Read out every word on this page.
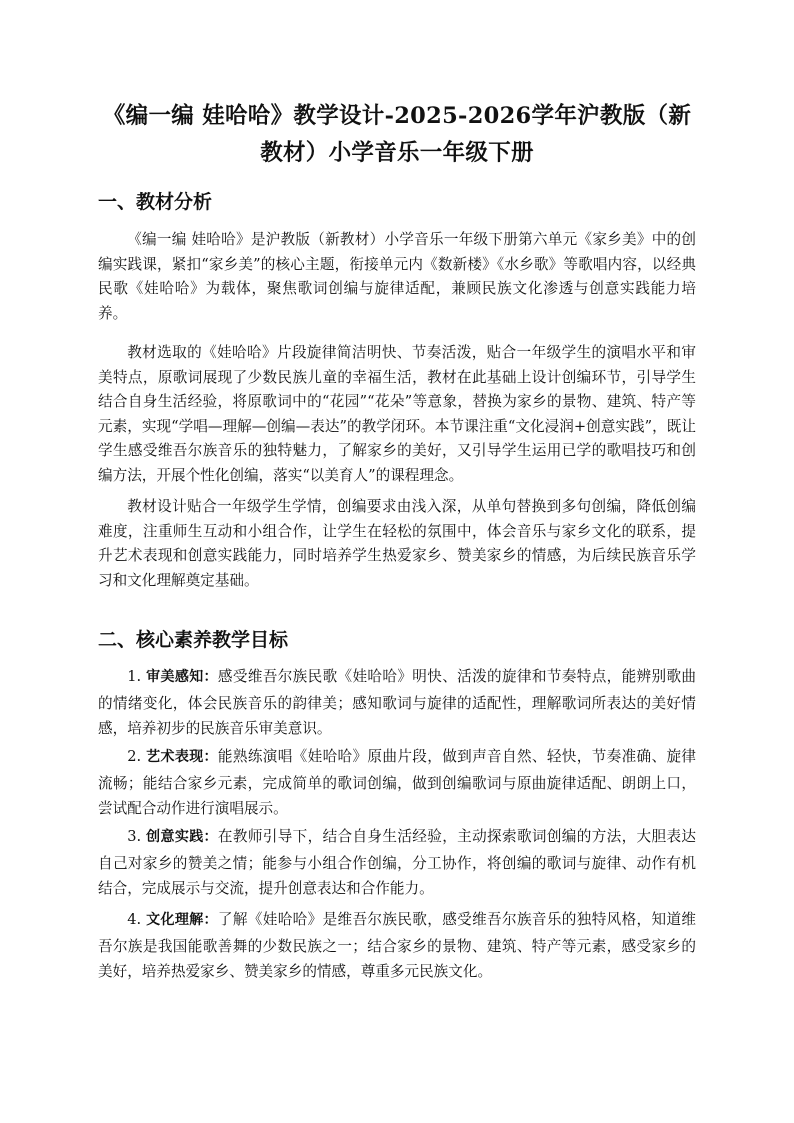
《编一编 娃哈哈》教学设计-2025-2026学年沪教版（新教材）小学音乐一年级下册
一、教材分析
《编一编 娃哈哈》是沪教版（新教材）小学音乐一年级下册第六单元《家乡美》中的创编实践课，紧扣“家乡美”的核心主题，衔接单元内《数新楼》《水乡歌》等歌唱内容，以经典民歌《娃哈哈》为载体，聚焦歌词创编与旋律适配，兼顾民族文化渗透与创意实践能力培养。
教材选取的《娃哈哈》片段旋律简洁明快、节奏活泼，贴合一年级学生的演唱水平和审美特点，原歌词展现了少数民族儿童的幸福生活，教材在此基础上设计创编环节，引导学生结合自身生活经验，将原歌词中的“花园”“花朵”等意象，替换为家乡的景物、建筑、特产等元素，实现“学唱—理解—创编—表达”的教学闭环。本节课注重“文化浸润+创意实践”，既让学生感受维吾尔族音乐的独特魅力，了解家乡的美好，又引导学生运用已学的歌唱技巧和创编方法，开展个性化创编，落实“以美育人”的课程理念。
教材设计贴合一年级学生学情，创编要求由浅入深，从单句替换到多句创编，降低创编难度，注重师生互动和小组合作，让学生在轻松的氛围中，体会音乐与家乡文化的联系，提升艺术表现和创意实践能力，同时培养学生热爱家乡、赞美家乡的情感，为后续民族音乐学习和文化理解奠定基础。
二、核心素养教学目标
1. 审美感知：感受维吾尔族民歌《娃哈哈》明快、活泼的旋律和节奏特点，能辨别歌曲的情绪变化，体会民族音乐的韵律美；感知歌词与旋律的适配性，理解歌词所表达的美好情感，培养初步的民族音乐审美意识。
2. 艺术表现：能熟练演唱《娃哈哈》原曲片段，做到声音自然、轻快，节奏准确、旋律流畅；能结合家乡元素，完成简单的歌词创编，做到创编歌词与原曲旋律适配、朗朗上口，尝试配合动作进行演唱展示。
3. 创意实践：在教师引导下，结合自身生活经验，主动探索歌词创编的方法，大胆表达自己对家乡的赞美之情；能参与小组合作创编，分工协作，将创编的歌词与旋律、动作有机结合，完成展示与交流，提升创意表达和合作能力。
4. 文化理解：了解《娃哈哈》是维吾尔族民歌，感受维吾尔族音乐的独特风格，知道维吾尔族是我国能歌善舞的少数民族之一；结合家乡的景物、建筑、特产等元素，感受家乡的美好，培养热爱家乡、赞美家乡的情感，尊重多元民族文化。
